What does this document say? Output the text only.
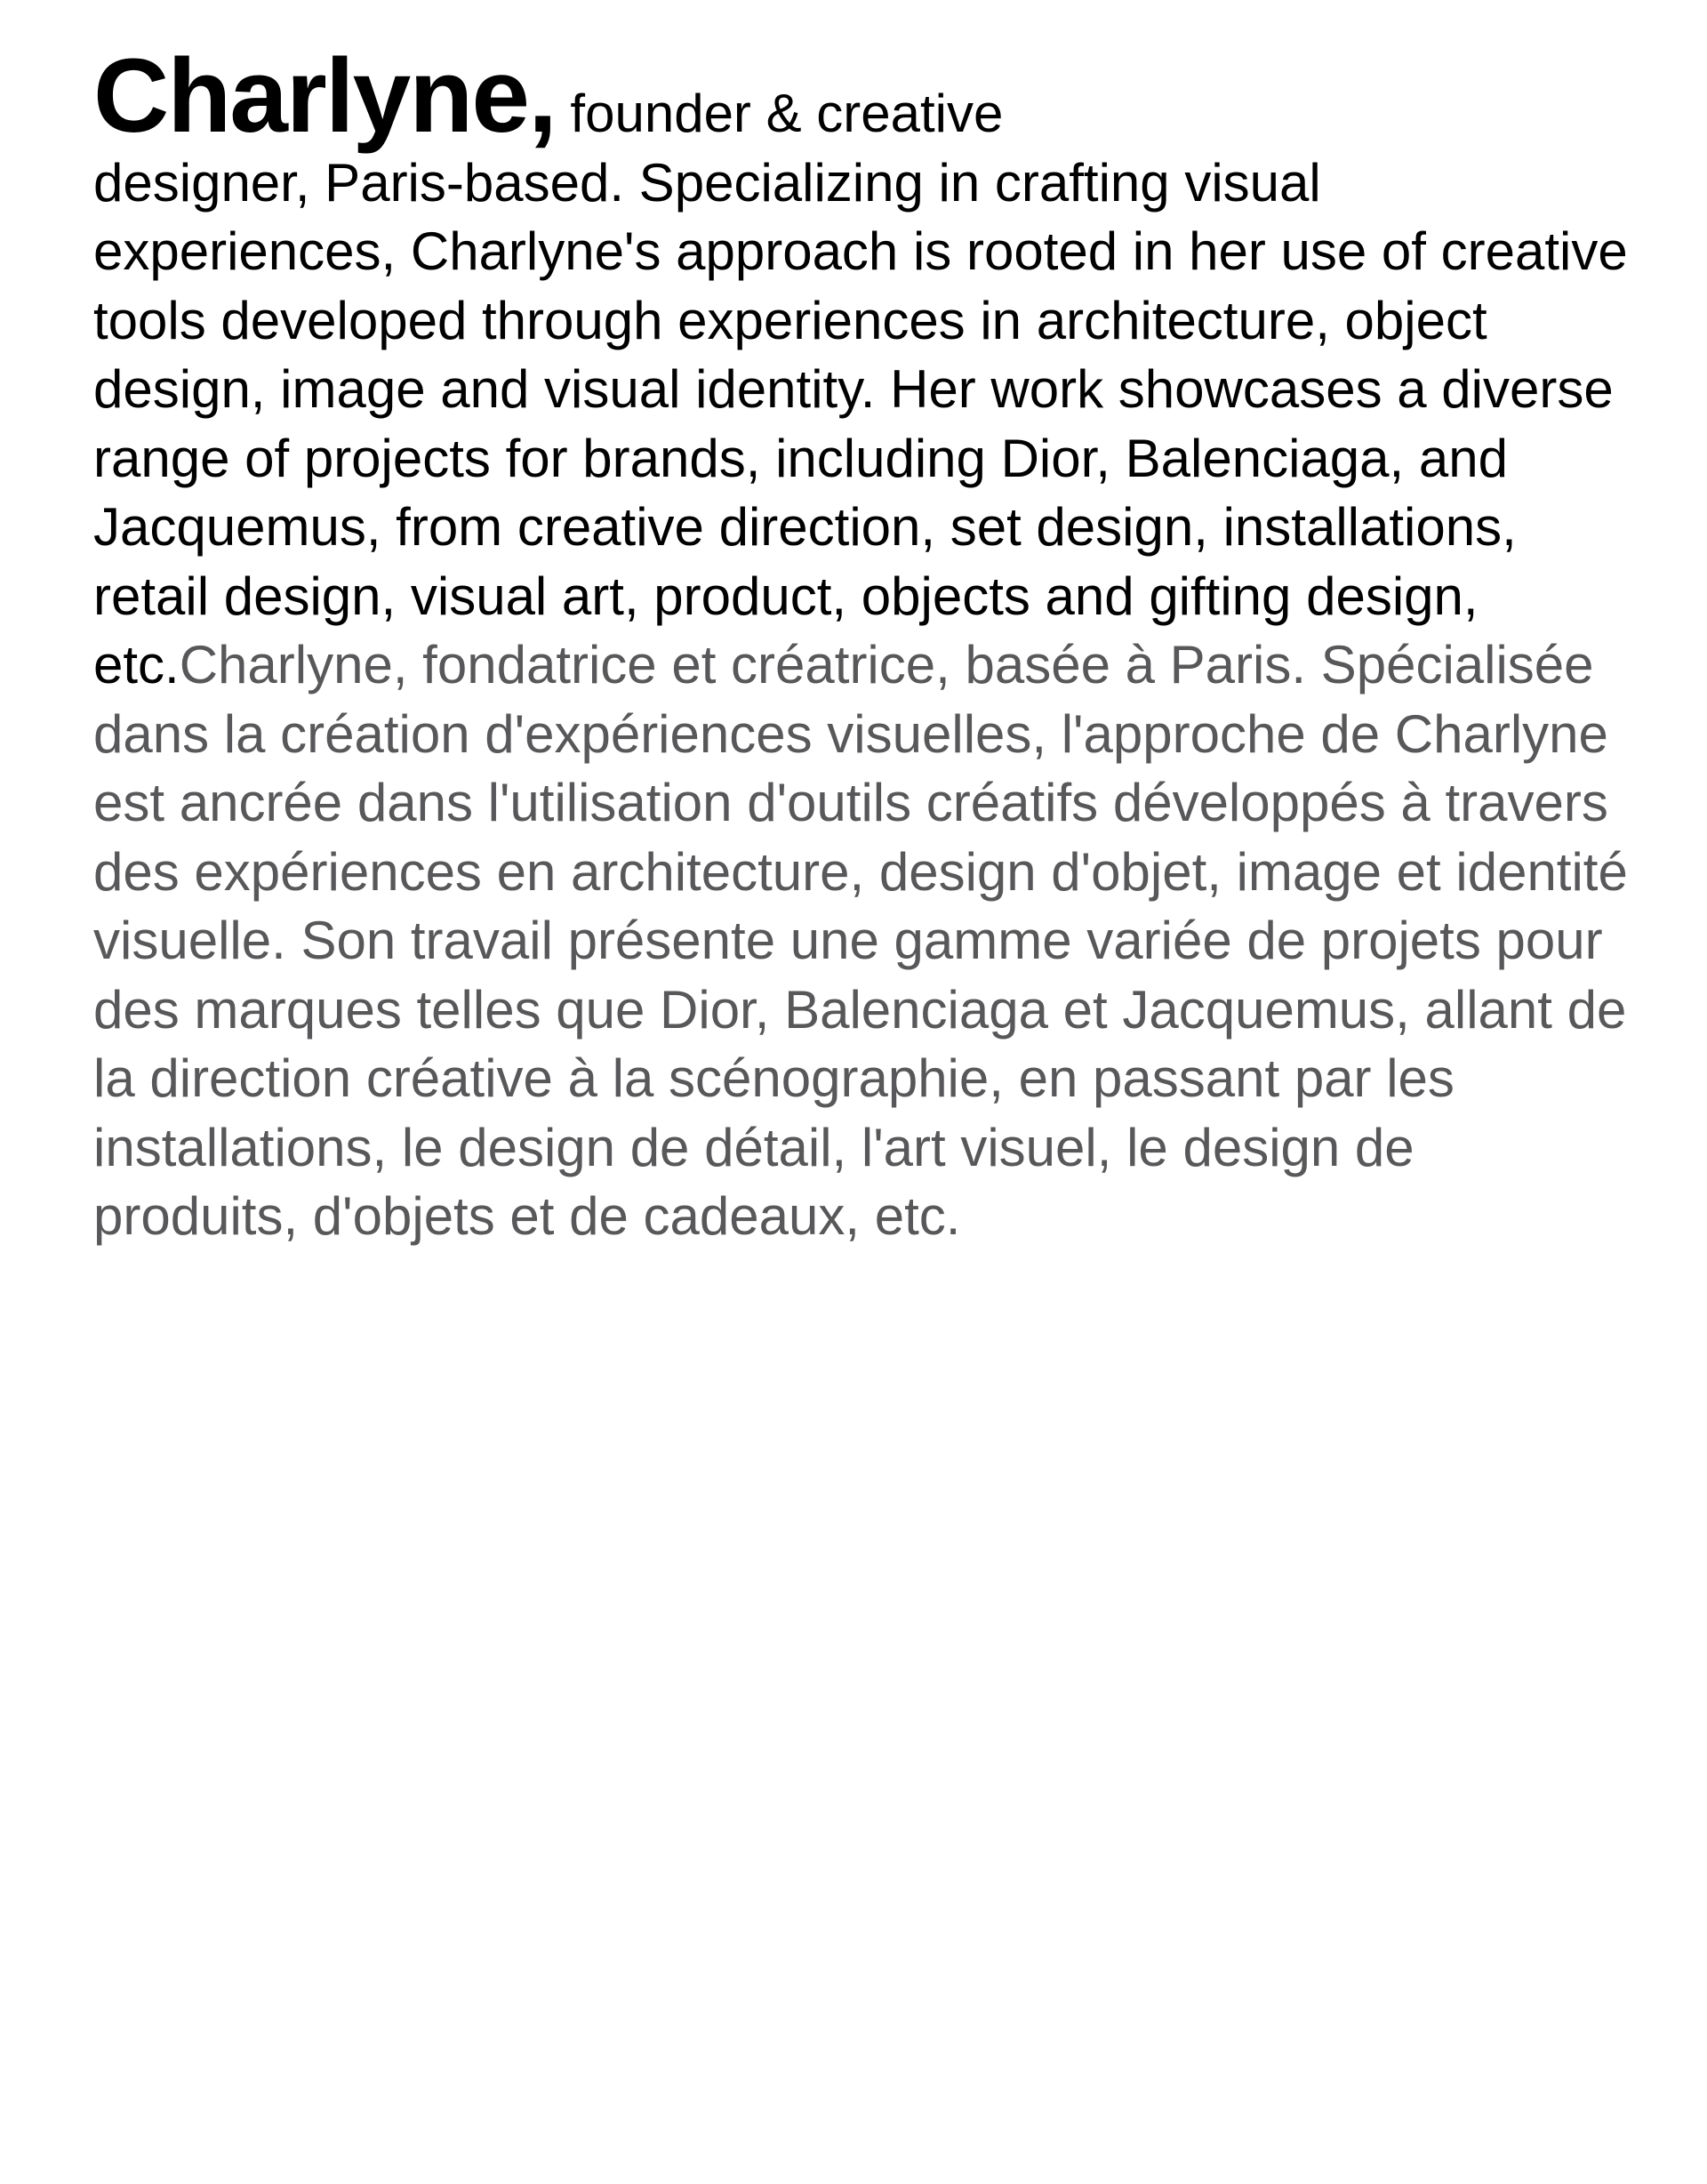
Charlyne, founder & creative
designer, Paris-based. Specializing in crafting visual experiences, Charlyne's approach is rooted in her use of creative tools developed through experiences in architecture, object design, image and visual identity. Her work showcases a diverse range of projects for brands, including Dior, Balenciaga, and Jacquemus, from creative direction, set design, installations, retail design, visual art, product, objects and gifting design, etc.Charlyne, fondatrice et créatrice, basée à Paris. Spécialisée dans la création d'expériences visuelles, l'approche de Charlyne est ancrée dans l'utilisation d'outils créatifs développés à travers des expériences en architecture, design d'objet, image et identité visuelle. Son travail présente une gamme variée de projets pour des marques telles que Dior, Balenciaga et Jacquemus, allant de la direction créative à la scénographie, en passant par les installations, le design de détail, l'art visuel, le design de produits, d'objets et de cadeaux, etc.
